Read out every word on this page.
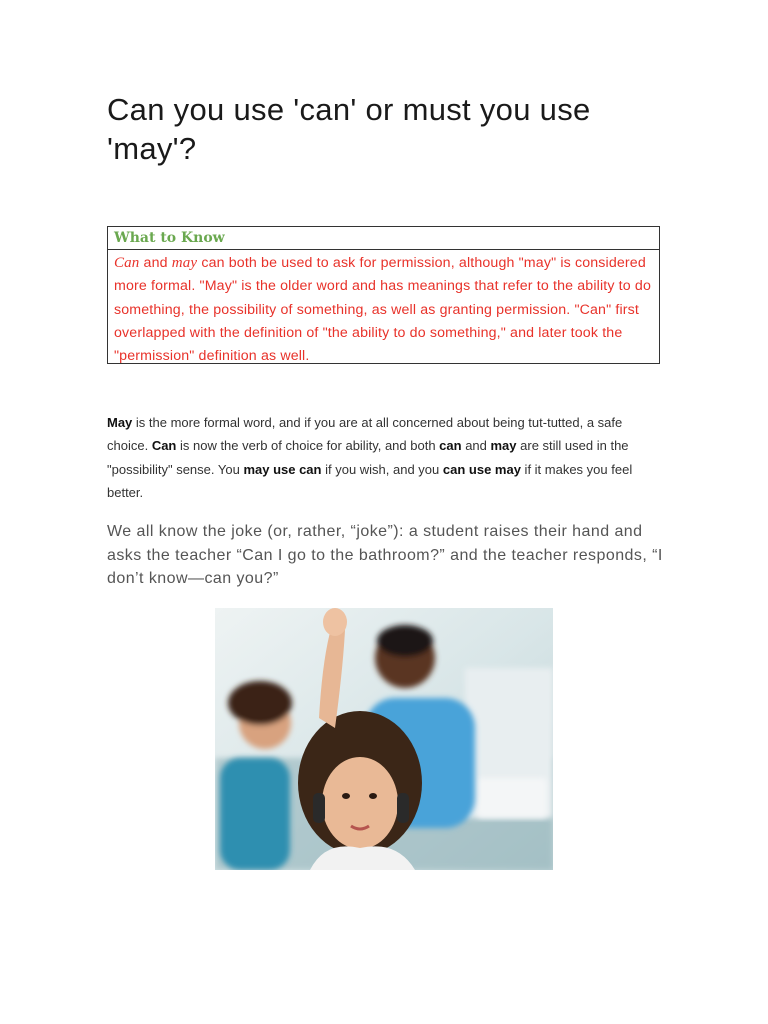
Can you use 'can' or must you use 'may'?
What to Know
Can and may can both be used to ask for permission, although "may" is considered more formal. "May" is the older word and has meanings that refer to the ability to do something, the possibility of something, as well as granting permission. "Can" first overlapped with the definition of "the ability to do something," and later took the "permission" definition as well.

May is the more formal word, and if you are at all concerned about being tut-tutted, a safe choice. Can is now the verb of choice for ability, and both can and may are still used in the "possibility" sense. You may use can if you wish, and you can use may if it makes you feel better.

We all know the joke (or, rather, “joke”): a student raises their hand and asks the teacher “Can I go to the bathroom?” and the teacher responds, “I don’t know—can you?”
